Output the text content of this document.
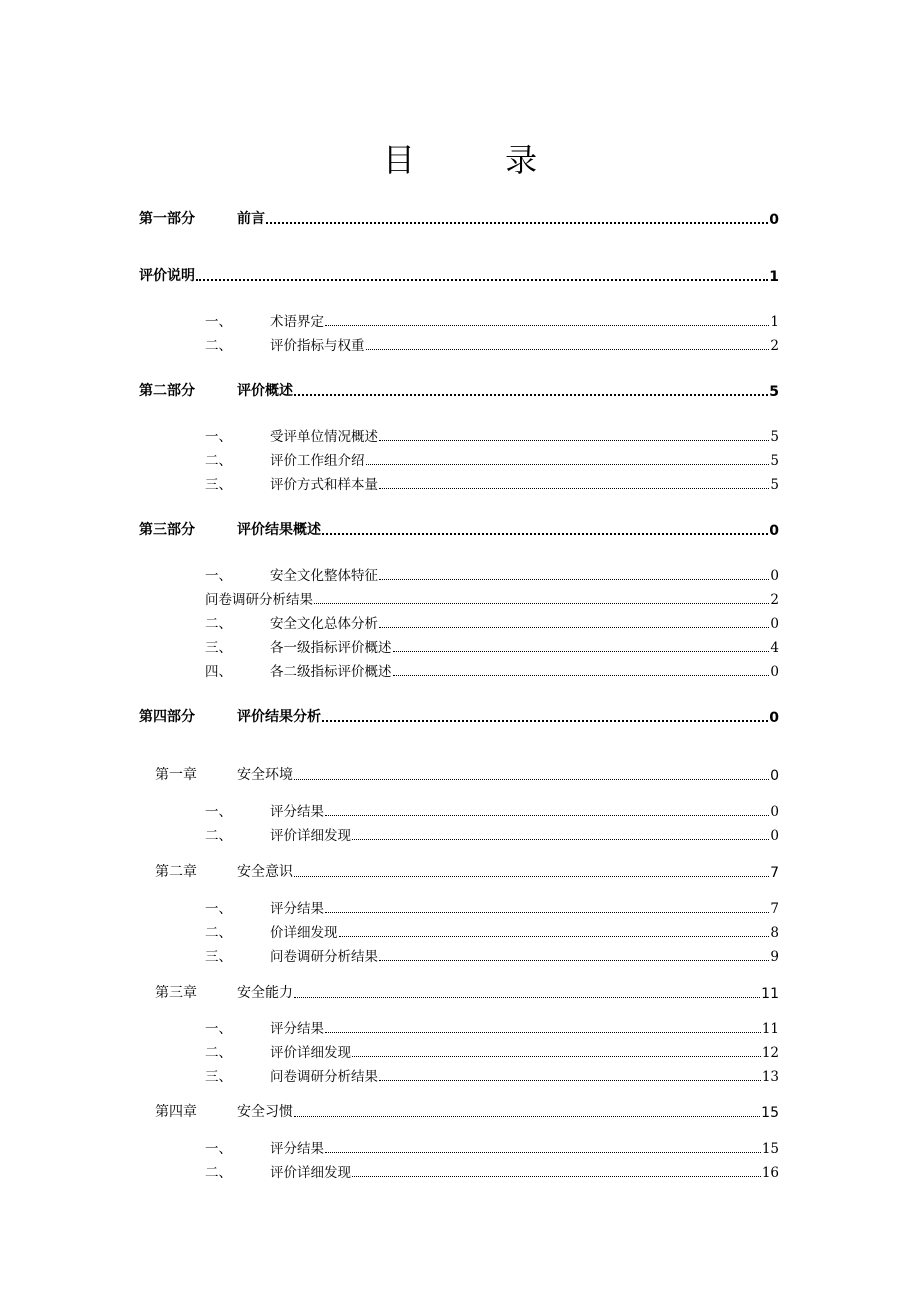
目 录
第一部分	前言	0
评价说明	1
一、	术语界定	1
二、	评价指标与权重	2
第二部分	评价概述	5
一、	受评单位情况概述	5
二、	评价工作组介绍	5
三、	评价方式和样本量	5
第三部分	评价结果概述	0
一、	安全文化整体特征	0
问卷调研分析结果	2
二、	安全文化总体分析	0
三、	各一级指标评价概述	4
四、	各二级指标评价概述	0
第四部分	评价结果分析	0
第一章	安全环境	0
一、	评分结果	0
二、	评价详细发现	0
第二章	安全意识	7
一、	评分结果	7
二、	价详细发现	8
三、	问卷调研分析结果	9
第三章	安全能力	11
一、	评分结果	11
二、	评价详细发现	12
三、	问卷调研分析结果	13
第四章	安全习惯	15
一、	评分结果	15
二、	评价详细发现	16
